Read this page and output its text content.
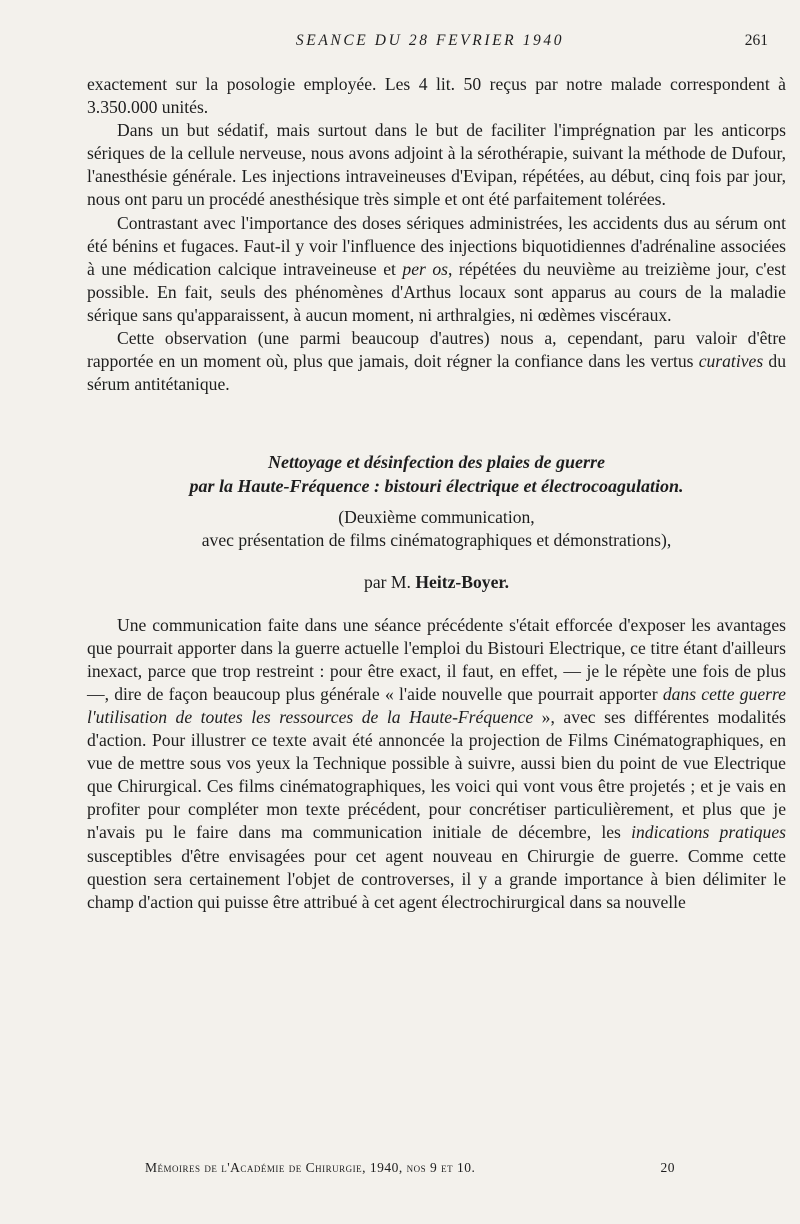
SEANCE DU 28 FEVRIER 1940	261

exactement sur la posologie employée. Les 4 lit. 50 reçus par notre malade correspondent à 3.350.000 unités.

Dans un but sédatif, mais surtout dans le but de faciliter l'imprégnation par les anticorps sériques de la cellule nerveuse, nous avons adjoint à la sérothérapie, suivant la méthode de Dufour, l'anesthésie générale. Les injections intraveineuses d'Evipan, répétées, au début, cinq fois par jour, nous ont paru un procédé anesthésique très simple et ont été parfaitement tolérées.

Contrastant avec l'importance des doses sériques administrées, les accidents dus au sérum ont été bénins et fugaces. Faut-il y voir l'influence des injections biquotidiennes d'adrénaline associées à une médication calcique intraveineuse et per os, répétées du neuvième au treizième jour, c'est possible. En fait, seuls des phénomènes d'Arthus locaux sont apparus au cours de la maladie sérique sans qu'apparaissent, à aucun moment, ni arthralgies, ni œdèmes viscéraux.

Cette observation (une parmi beaucoup d'autres) nous a, cependant, paru valoir d'être rapportée en un moment où, plus que jamais, doit régner la confiance dans les vertus curatives du sérum antitétanique.

Nettoyage et désinfection des plaies de guerre
par la Haute-Fréquence : bistouri électrique et électrocoagulation.
(Deuxième communication,
avec présentation de films cinématographiques et démonstrations),
par M. Heitz-Boyer.

Une communication faite dans une séance précédente s'était efforcée d'exposer les avantages que pourrait apporter dans la guerre actuelle l'emploi du Bistouri Electrique, ce titre étant d'ailleurs inexact, parce que trop restreint : pour être exact, il faut, en effet, — je le répète une fois de plus —, dire de façon beaucoup plus générale « l'aide nouvelle que pourrait apporter dans cette guerre l'utilisation de toutes les ressources de la Haute-Fréquence », avec ses différentes modalités d'action. Pour illustrer ce texte avait été annoncée la projection de Films Cinématographiques, en vue de mettre sous vos yeux la Technique possible à suivre, aussi bien du point de vue Electrique que Chirurgical. Ces films cinématographiques, les voici qui vont vous être projetés ; et je vais en profiter pour compléter mon texte précédent, pour concrétiser particulièrement, et plus que je n'avais pu le faire dans ma communication initiale de décembre, les indications pratiques susceptibles d'être envisagées pour cet agent nouveau en Chirurgie de guerre. Comme cette question sera certainement l'objet de controverses, il y a grande importance à bien délimiter le champ d'action qui puisse être attribué à cet agent électrochirurgical dans sa nouvelle

Mémoires de l'Académie de Chirurgie, 1940, nos 9 et 10.	20
